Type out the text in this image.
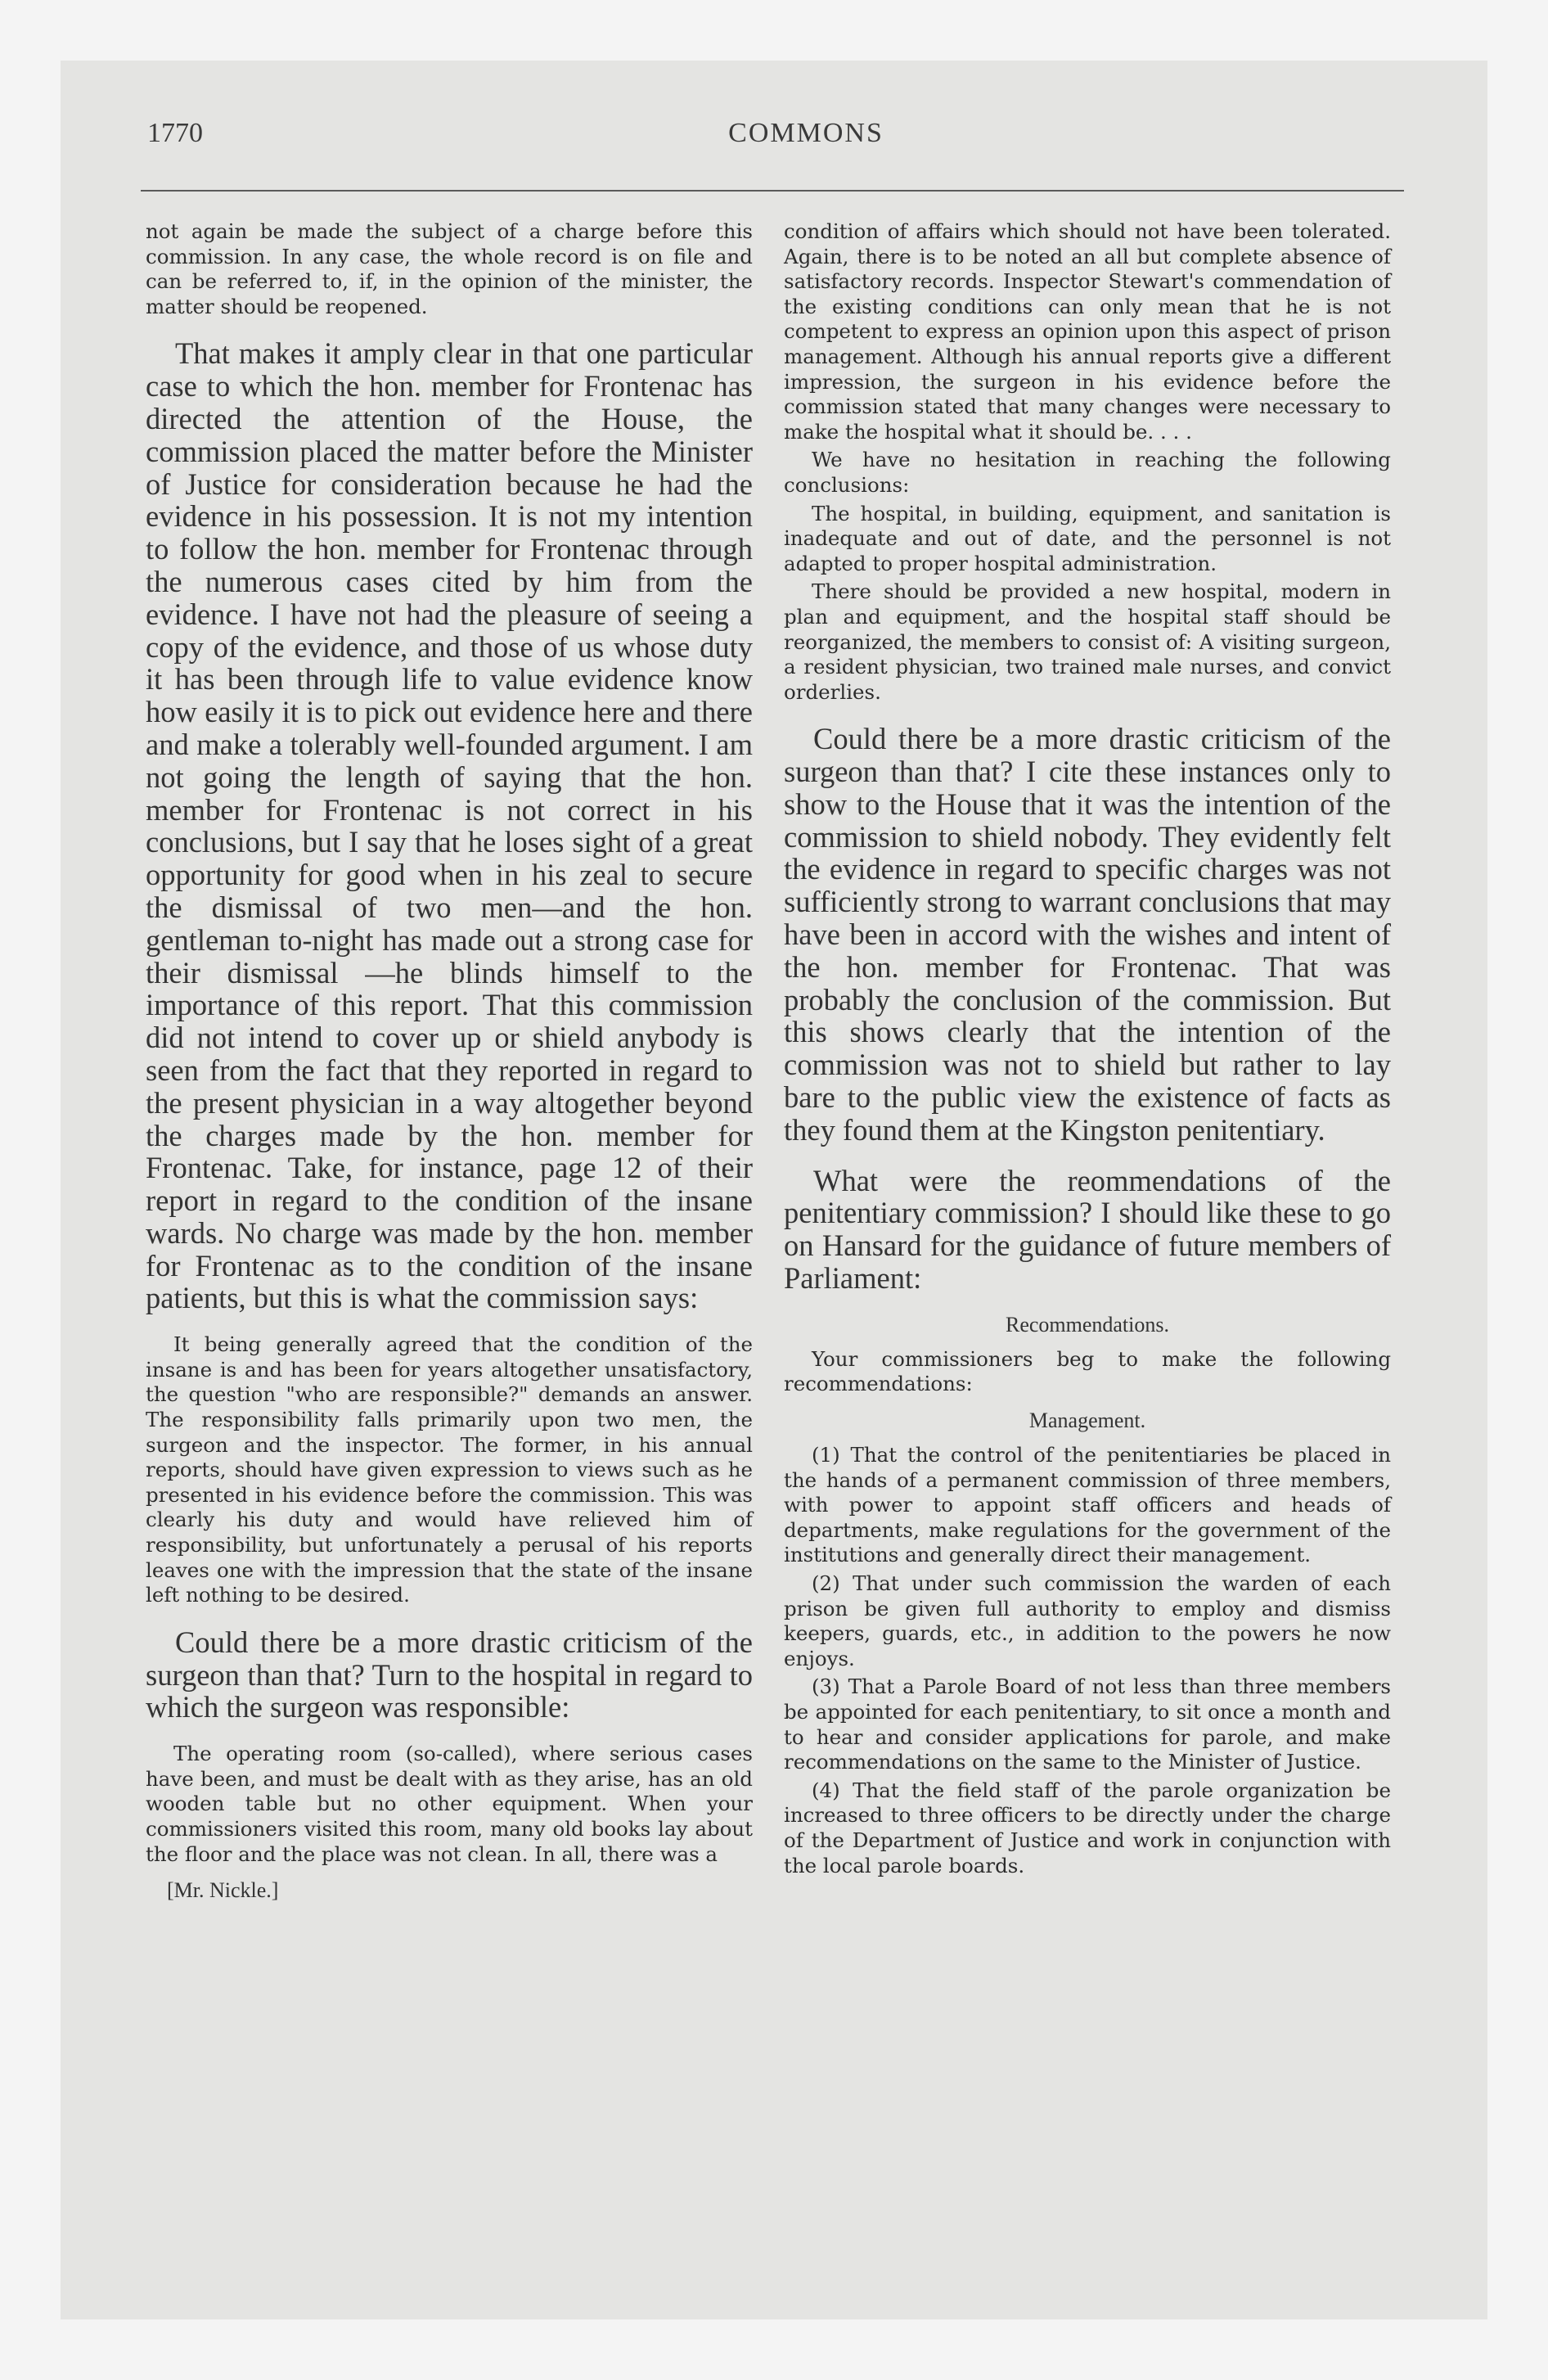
1770	COMMONS

not again be made the subject of a charge before this commission. In any case, the whole record is on file and can be referred to, if, in the opinion of the minister, the matter should be reopened.

That makes it amply clear in that one particular case to which the hon. member for Frontenac has directed the attention of the House, the commission placed the matter before the Minister of Justice for consideration because he had the evidence in his possession. It is not my intention to follow the hon. member for Frontenac through the numerous cases cited by him from the evidence. I have not had the pleasure of seeing a copy of the evidence, and those of us whose duty it has been through life to value evidence know how easily it is to pick out evidence here and there and make a tolerably well-founded argument. I am not going the length of saying that the hon. member for Frontenac is not correct in his conclusions, but I say that he loses sight of a great opportunity for good when in his zeal to secure the dismissal of two men—and the hon. gentleman to-night has made out a strong case for their dismissal —he blinds himself to the importance of this report. That this commission did not intend to cover up or shield anybody is seen from the fact that they reported in regard to the present physician in a way altogether beyond the charges made by the hon. member for Frontenac. Take, for instance, page 12 of their report in regard to the condition of the insane wards. No charge was made by the hon. member for Frontenac as to the condition of the insane patients, but this is what the commission says:

It being generally agreed that the condition of the insane is and has been for years altogether unsatisfactory, the question "who are responsible?" demands an answer. The responsibility falls primarily upon two men, the surgeon and the inspector. The former, in his annual reports, should have given expression to views such as he presented in his evidence before the commission. This was clearly his duty and would have relieved him of responsibility, but unfortunately a perusal of his reports leaves one with the impression that the state of the insane left nothing to be desired.

Could there be a more drastic criticism of the surgeon than that? Turn to the hospital in regard to which the surgeon was responsible:

The operating room (so-called), where serious cases have been, and must be dealt with as they arise, has an old wooden table but no other equipment. When your commissioners visited this room, many old books lay about the floor and the place was not clean. In all, there was a

[Mr. Nickle.]

condition of affairs which should not have been tolerated. Again, there is to be noted an all but complete absence of satisfactory records. Inspector Stewart's commendation of the existing conditions can only mean that he is not competent to express an opinion upon this aspect of prison management. Although his annual reports give a different impression, the surgeon in his evidence before the commission stated that many changes were necessary to make the hospital what it should be. . . .

We have no hesitation in reaching the following conclusions:

The hospital, in building, equipment, and sanitation is inadequate and out of date, and the personnel is not adapted to proper hospital administration.

There should be provided a new hospital, modern in plan and equipment, and the hospital staff should be reorganized, the members to consist of: A visiting surgeon, a resident physician, two trained male nurses, and convict orderlies.

Could there be a more drastic criticism of the surgeon than that? I cite these instances only to show to the House that it was the intention of the commission to shield nobody. They evidently felt the evidence in regard to specific charges was not sufficiently strong to warrant conclusions that may have been in accord with the wishes and intent of the hon. member for Frontenac. That was probably the conclusion of the commission. But this shows clearly that the intention of the commission was not to shield but rather to lay bare to the public view the existence of facts as they found them at the Kingston penitentiary.

What were the reommendations of the penitentiary commission? I should like these to go on Hansard for the guidance of future members of Parliament:

Recommendations.

Your commissioners beg to make the following recommendations:

Management.

(1) That the control of the penitentiaries be placed in the hands of a permanent commission of three members, with power to appoint staff officers and heads of departments, make regulations for the government of the institutions and generally direct their management.

(2) That under such commission the warden of each prison be given full authority to employ and dismiss keepers, guards, etc., in addition to the powers he now enjoys.

(3) That a Parole Board of not less than three members be appointed for each penitentiary, to sit once a month and to hear and consider applications for parole, and make recommendations on the same to the Minister of Justice.

(4) That the field staff of the parole organization be increased to three officers to be directly under the charge of the Department of Justice and work in conjunction with the local parole boards.
